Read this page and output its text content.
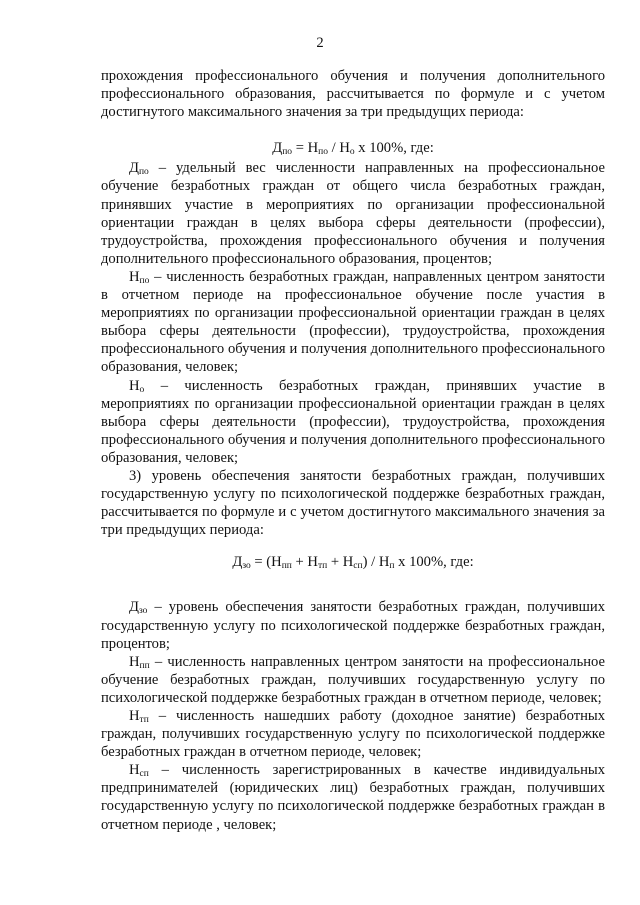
2

прохождения профессионального обучения и получения дополнительного профессионального образования, рассчитывается по формуле и с учетом достигнутого максимального значения за три предыдущих периода:

$Д_{по} = Н_{по} / Н_о$ х 100%, где:

$Д_{по}$ – удельный вес численности направленных на профессиональное обучение безработных граждан от общего числа безработных граждан, принявших участие в мероприятиях по организации профессиональной ориентации граждан в целях выбора сферы деятельности (профессии), трудоустройства, прохождения профессионального обучения и получения дополнительного профессионального образования, процентов;

$Н_{по}$ – численность безработных граждан, направленных центром занятости в отчетном периоде на профессиональное обучение после участия в мероприятиях по организации профессиональной ориентации граждан в целях выбора сферы деятельности (профессии), трудоустройства, прохождения профессионального обучения и получения дополнительного профессионального образования, человек;

$Н_о$ – численность безработных граждан, принявших участие в мероприятиях по организации профессиональной ориентации граждан в целях выбора сферы деятельности (профессии), трудоустройства, прохождения профессионального обучения и получения дополнительного профессионального образования, человек;

3) уровень обеспечения занятости безработных граждан, получивших государственную услугу по психологической поддержке безработных граждан, рассчитывается по формуле и с учетом достигнутого максимального значения за три предыдущих периода:

$Д_{зо} = (Н_{пп} + Н_{тп} + Н_{сп}) / Н_п$ х 100%, где:

$Д_{зо}$ – уровень обеспечения занятости безработных граждан, получивших государственную услугу по психологической поддержке безработных граждан, процентов;

$Н_{пп}$ – численность направленных центром занятости на профессиональное обучение безработных граждан, получивших государственную услугу по психологической поддержке безработных граждан в отчетном периоде, человек;

$Н_{тп}$ – численность нашедших работу (доходное занятие) безработных граждан, получивших государственную услугу по психологической поддержке безработных граждан в отчетном периоде, человек;

$Н_{сп}$ – численность зарегистрированных в качестве индивидуальных предпринимателей (юридических лиц) безработных граждан, получивших государственную услугу по психологической поддержке безработных граждан в отчетном периоде , человек;
